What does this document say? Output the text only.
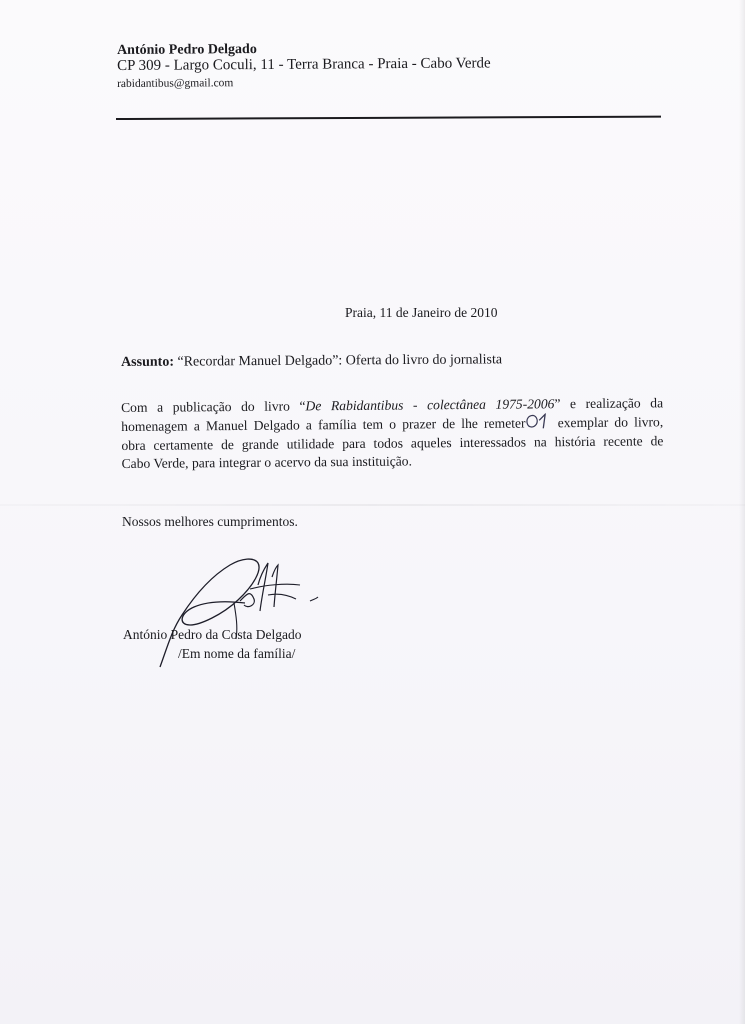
António Pedro Delgado
CP 309 - Largo Coculi, 11 - Terra Branca - Praia - Cabo Verde
rabidantibus@gmail.com
Praia, 11 de Janeiro de 2010
Assunto: “Recordar Manuel Delgado”: Oferta do livro do jornalista
Com a publicação do livro “De Rabidantibus - colectânea 1975-2006” e realização da
homenagem a Manuel Delgado a família tem o prazer de lhe remeter exemplar do livro,
obra certamente de grande utilidade para todos aqueles interessados na história recente de
Cabo Verde, para integrar o acervo da sua instituição.
Nossos melhores cumprimentos.
António Pedro da Costa Delgado
/Em nome da família/
